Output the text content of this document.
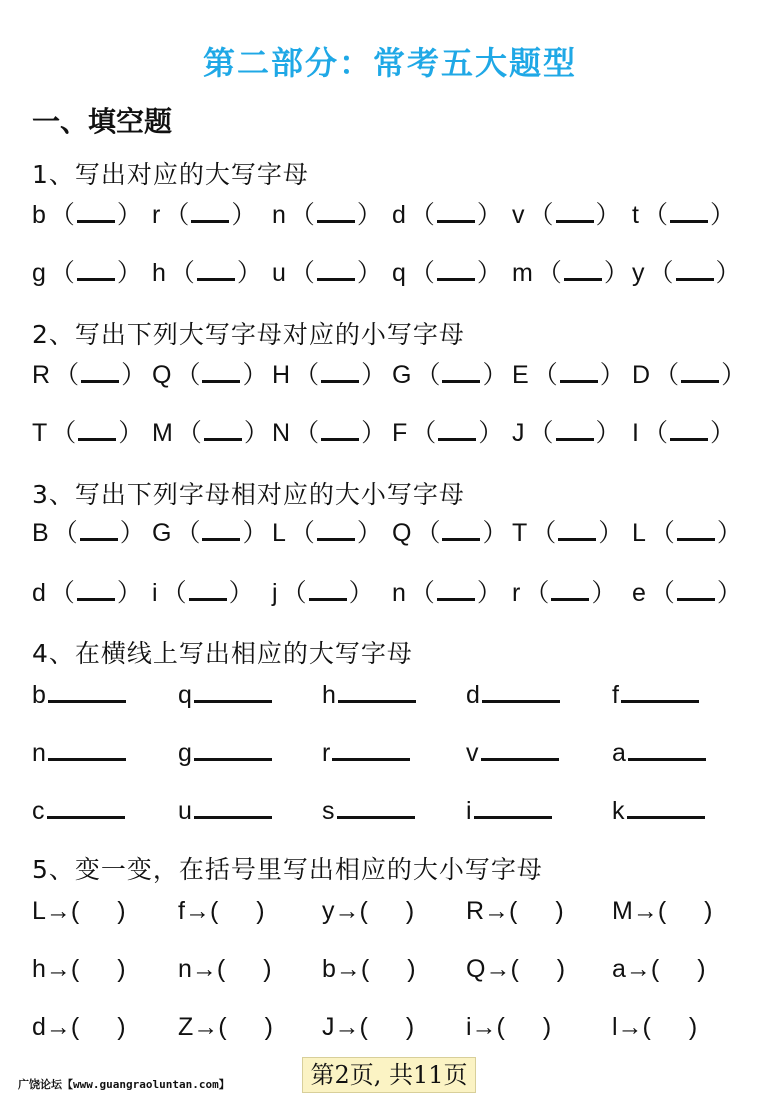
第二部分：常考五大题型
一、填空题
1、写出对应的大写字母
2、写出下列大写字母对应的小写字母
3、写出下列字母相对应的大小写字母
4、在横线上写出相应的大写字母
5、变一变，在括号里写出相应的大小写字母
b （ ） r （ ） n （ ） d （ ） v （ ） t （ ）
g （ ） h （ ） u （ ） q （ ） m （ ） y （ ）
R （ ） Q （ ） H （ ） G （ ） E （ ） D （ ）
T （ ） M （ ） N （ ） F （ ） J （ ） I （ ）
B （ ） G （ ） L （ ） Q （ ） T （ ） L （ ）
d （ ） i （ ） j （ ） n （ ） r （ ） e （ ）
b	q	h	d	f
n	g	r	v	a
c	u	s	i	k
L→( ) f→( ) y→( ) R→( ) M→( )
h→( ) n→( ) b→( ) Q→( ) a→( )
d→( ) Z→( ) J→( ) i→( ) l→( )
广饶论坛【www.guangraoluntan.com】	第2页, 共11页
